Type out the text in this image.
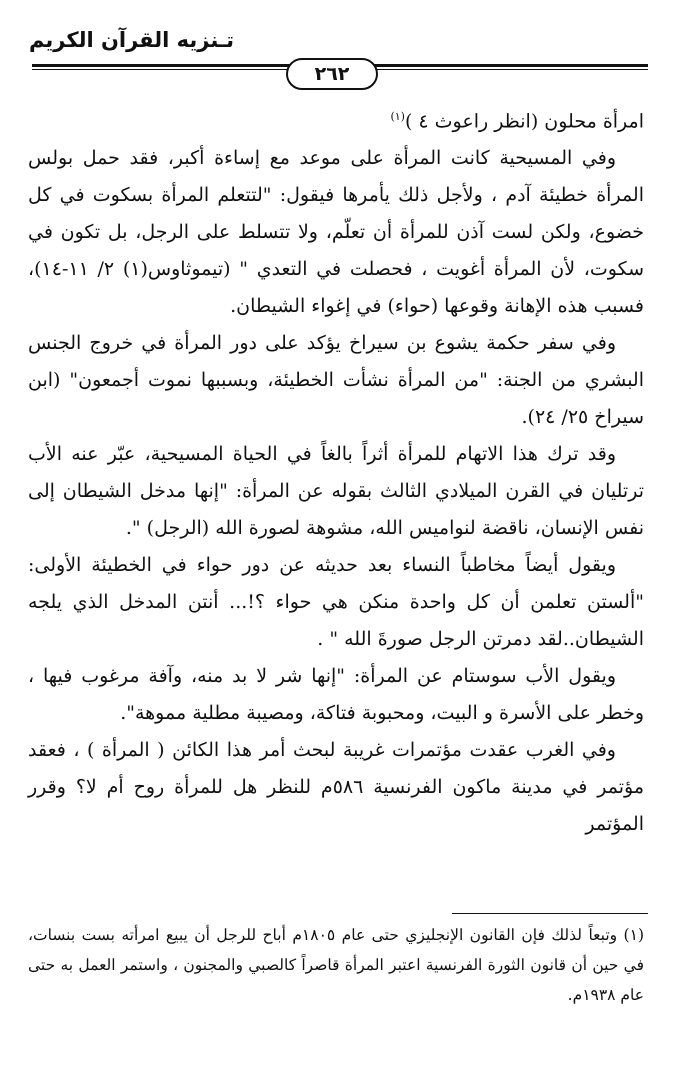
تـنزيه القرآن الكريم
٢٦٢

امرأة محلون (انظر راعوث ٤ )$^{(١)}$

وفي المسيحية كانت المرأة على موعد مع إساءة أكبر، فقد حمل بولس المرأة خطيئة آدم ، ولأجل ذلك يأمرها فيقول: "لتتعلم المرأة بسكوت في كل خضوع، ولكن لست آذن للمرأة أن تعلّم، ولا تتسلط على الرجل، بل تكون في سكوت، لأن المرأة أغويت ، فحصلت في التعدي " (تيموثاوس(١) ٢/ ١١-١٤)، فسبب هذه الإهانة وقوعها (حواء) في إغواء الشيطان.

وفي سفر حكمة يشوع بن سيراخ يؤكد على دور المرأة في خروج الجنس البشري من الجنة: "من المرأة نشأت الخطيئة، وبسببها نموت أجمعون" (ابن سيراخ ٢٥/ ٢٤).

وقد ترك هذا الاتهام للمرأة أثراً بالغاً في الحياة المسيحية، عبّر عنه الأب ترتليان في القرن الميلادي الثالث بقوله عن المرأة: "إنها مدخل الشيطان إلى نفس الإنسان، ناقضة لنواميس الله، مشوهة لصورة الله (الرجل) ".

ويقول أيضاً مخاطباً النساء بعد حديثه عن دور حواء في الخطيئة الأولى: "ألستن تعلمن أن كل واحدة منكن هي حواء ؟!... أنتن المدخل الذي يلجه الشيطان..لقد دمرتن الرجل صورةَ الله " .

ويقول الأب سوستام عن المرأة: "إنها شر لا بد منه، وآفة مرغوب فيها ، وخطر على الأسرة و البيت، ومحبوبة فتاكة، ومصيبة مطلية مموهة".

وفي الغرب عقدت مؤتمرات غريبة لبحث أمر هذا الكائن ( المرأة ) ، فعقد مؤتمر في مدينة ماكون الفرنسية ٥٨٦م للنظر هل للمرأة روح أم لا؟ وقرر المؤتمر

(١) وتبعاً لذلك فإن القانون الإنجليزي حتى عام ١٨٠٥م أباح للرجل أن يبيع امرأته بست بنسات، في حين أن قانون الثورة الفرنسية اعتبر المرأة قاصراً كالصبي والمجنون ، واستمر العمل به حتى عام ١٩٣٨م.
